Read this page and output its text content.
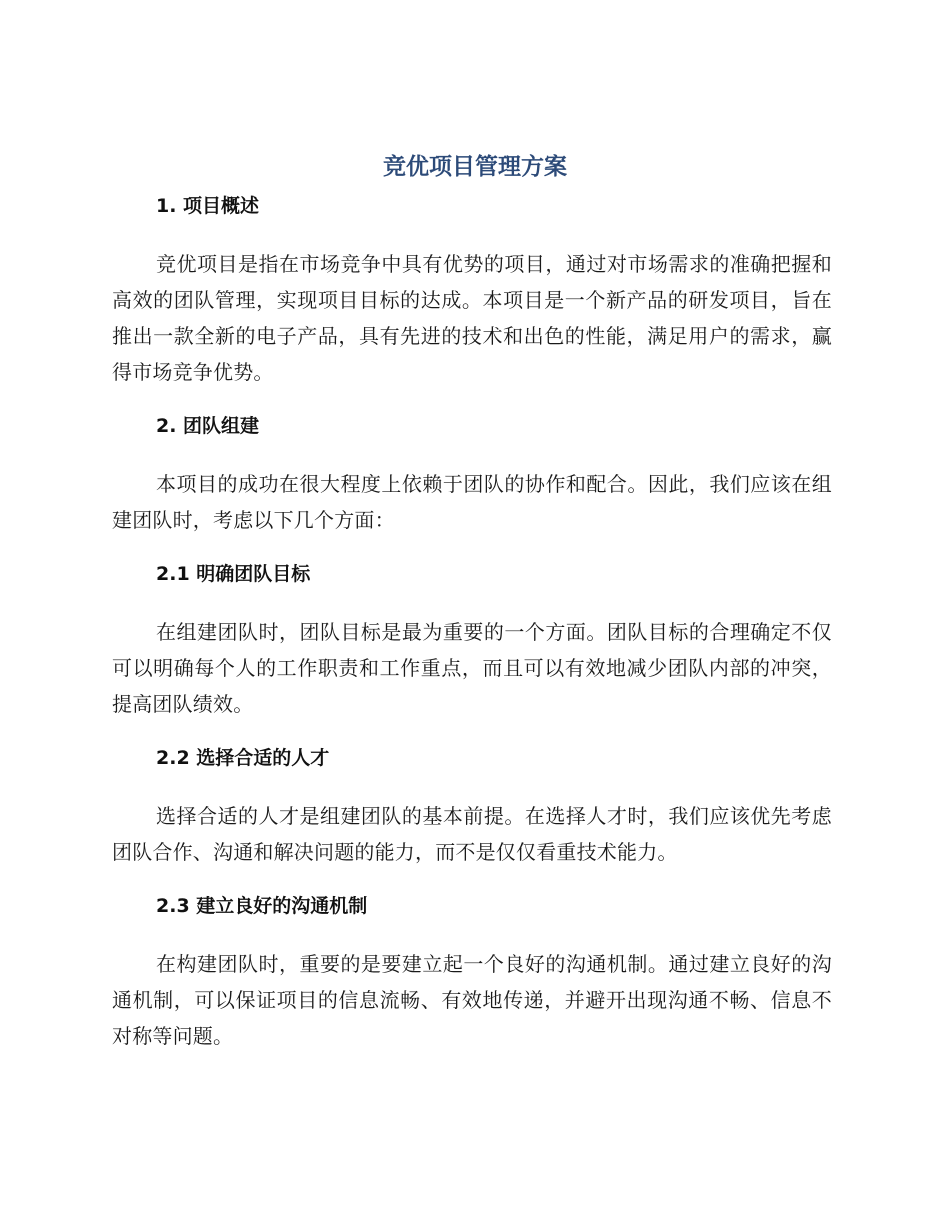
竞优项目管理方案
1. 项目概述

竞优项目是指在市场竞争中具有优势的项目，通过对市场需求的准确把握和高效的团队管理，实现项目目标的达成。本项目是一个新产品的研发项目，旨在推出一款全新的电子产品，具有先进的技术和出色的性能，满足用户的需求，赢得市场竞争优势。

2. 团队组建

本项目的成功在很大程度上依赖于团队的协作和配合。因此，我们应该在组建团队时，考虑以下几个方面：

2.1 明确团队目标

在组建团队时，团队目标是最为重要的一个方面。团队目标的合理确定不仅可以明确每个人的工作职责和工作重点，而且可以有效地减少团队内部的冲突，提高团队绩效。

2.2 选择合适的人才

选择合适的人才是组建团队的基本前提。在选择人才时，我们应该优先考虑团队合作、沟通和解决问题的能力，而不是仅仅看重技术能力。

2.3 建立良好的沟通机制

在构建团队时，重要的是要建立起一个良好的沟通机制。通过建立良好的沟通机制，可以保证项目的信息流畅、有效地传递，并避开出现沟通不畅、信息不对称等问题。
